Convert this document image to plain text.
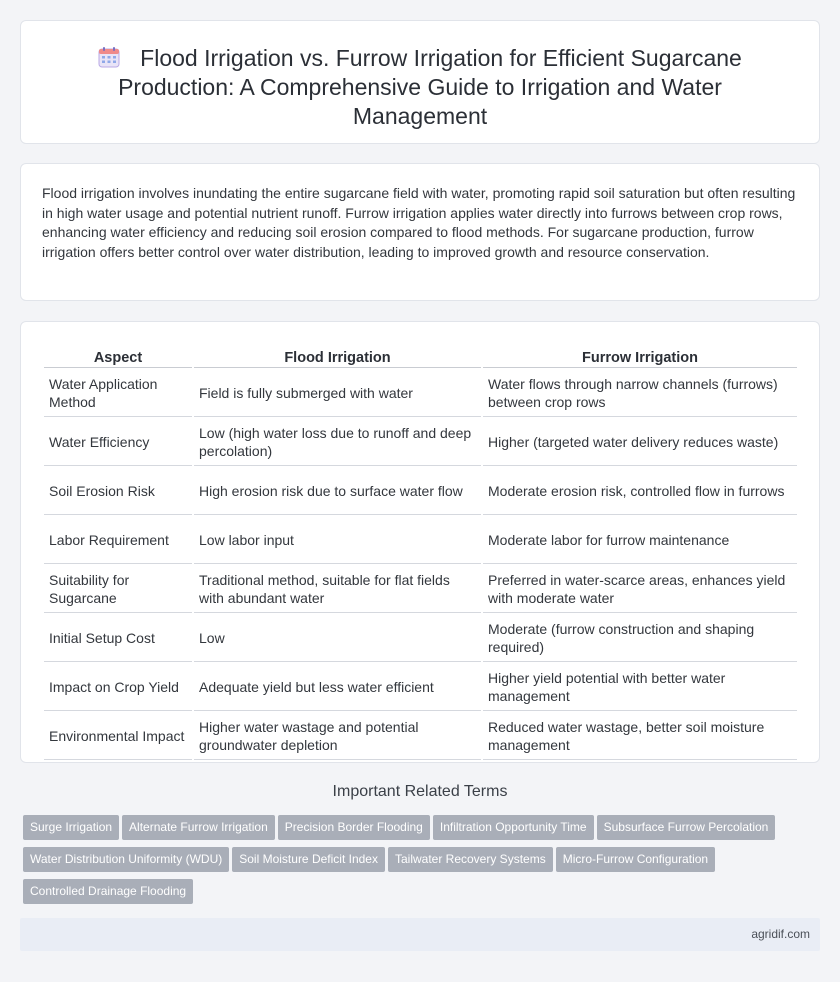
Flood Irrigation vs. Furrow Irrigation for Efficient Sugarcane Production: A Comprehensive Guide to Irrigation and Water Management

Flood irrigation involves inundating the entire sugarcane field with water, promoting rapid soil saturation but often resulting in high water usage and potential nutrient runoff. Furrow irrigation applies water directly into furrows between crop rows, enhancing water efficiency and reducing soil erosion compared to flood methods. For sugarcane production, furrow irrigation offers better control over water distribution, leading to improved growth and resource conservation.

Aspect	Flood Irrigation	Furrow Irrigation
Water Application Method	Field is fully submerged with water	Water flows through narrow channels (furrows) between crop rows
Water Efficiency	Low (high water loss due to runoff and deep percolation)	Higher (targeted water delivery reduces waste)
Soil Erosion Risk	High erosion risk due to surface water flow	Moderate erosion risk, controlled flow in furrows
Labor Requirement	Low labor input	Moderate labor for furrow maintenance
Suitability for Sugarcane	Traditional method, suitable for flat fields with abundant water	Preferred in water-scarce areas, enhances yield with moderate water
Initial Setup Cost	Low	Moderate (furrow construction and shaping required)
Impact on Crop Yield	Adequate yield but less water efficient	Higher yield potential with better water management
Environmental Impact	Higher water wastage and potential groundwater depletion	Reduced water wastage, better soil moisture management
Important Related Terms
Surge Irrigation Alternate Furrow Irrigation Precision Border Flooding Infiltration Opportunity Time Subsurface Furrow PercolationWater Distribution Uniformity (WDU) Soil Moisture Deficit Index Tailwater Recovery Systems Micro-Furrow ConfigurationControlled Drainage Flooding
agridif.com
